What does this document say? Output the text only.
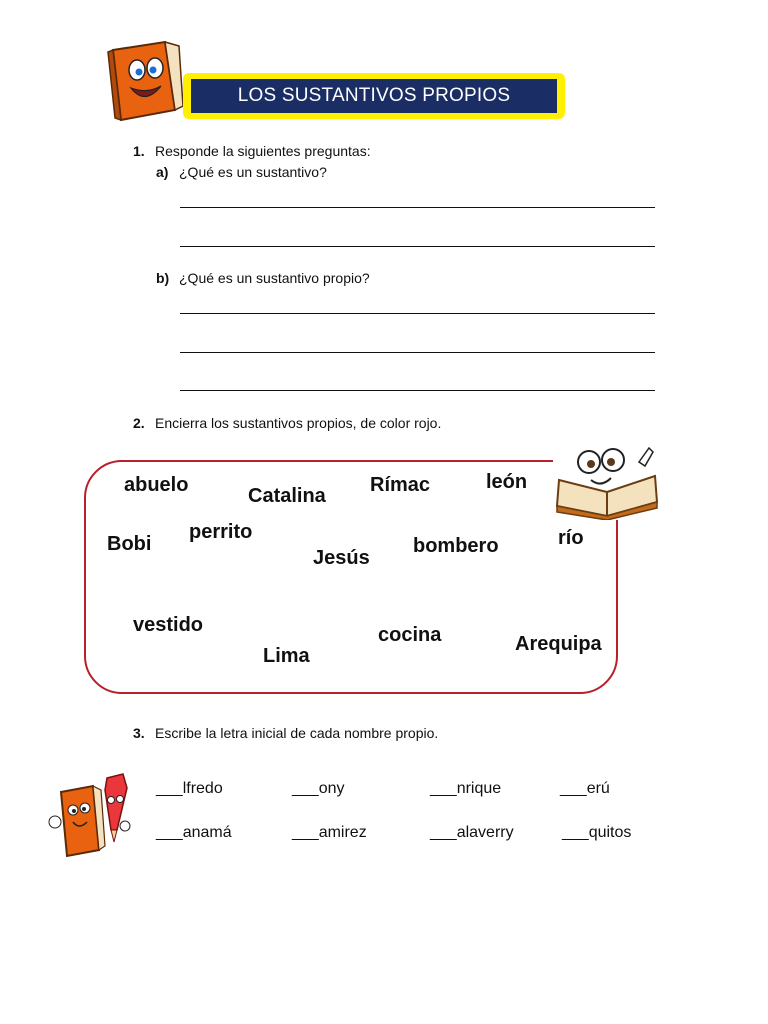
LOS SUSTANTIVOS PROPIOS
1. Responde la siguientes preguntas:
a) ¿Qué es un sustantivo?
b) ¿Qué es un sustantivo propio?
2. Encierra los sustantivos propios, de color rojo.
abuelo	Catalina Rímac	león
Bobi
perrito
Jesús
bombero	río
vestido
Lima
cocina	Arequipa
3. Escribe la letra inicial de cada nombre propio.
___lfredo	___ony	___nrique	___erú
___anamá	___amirez	___alaverry	___quitos
